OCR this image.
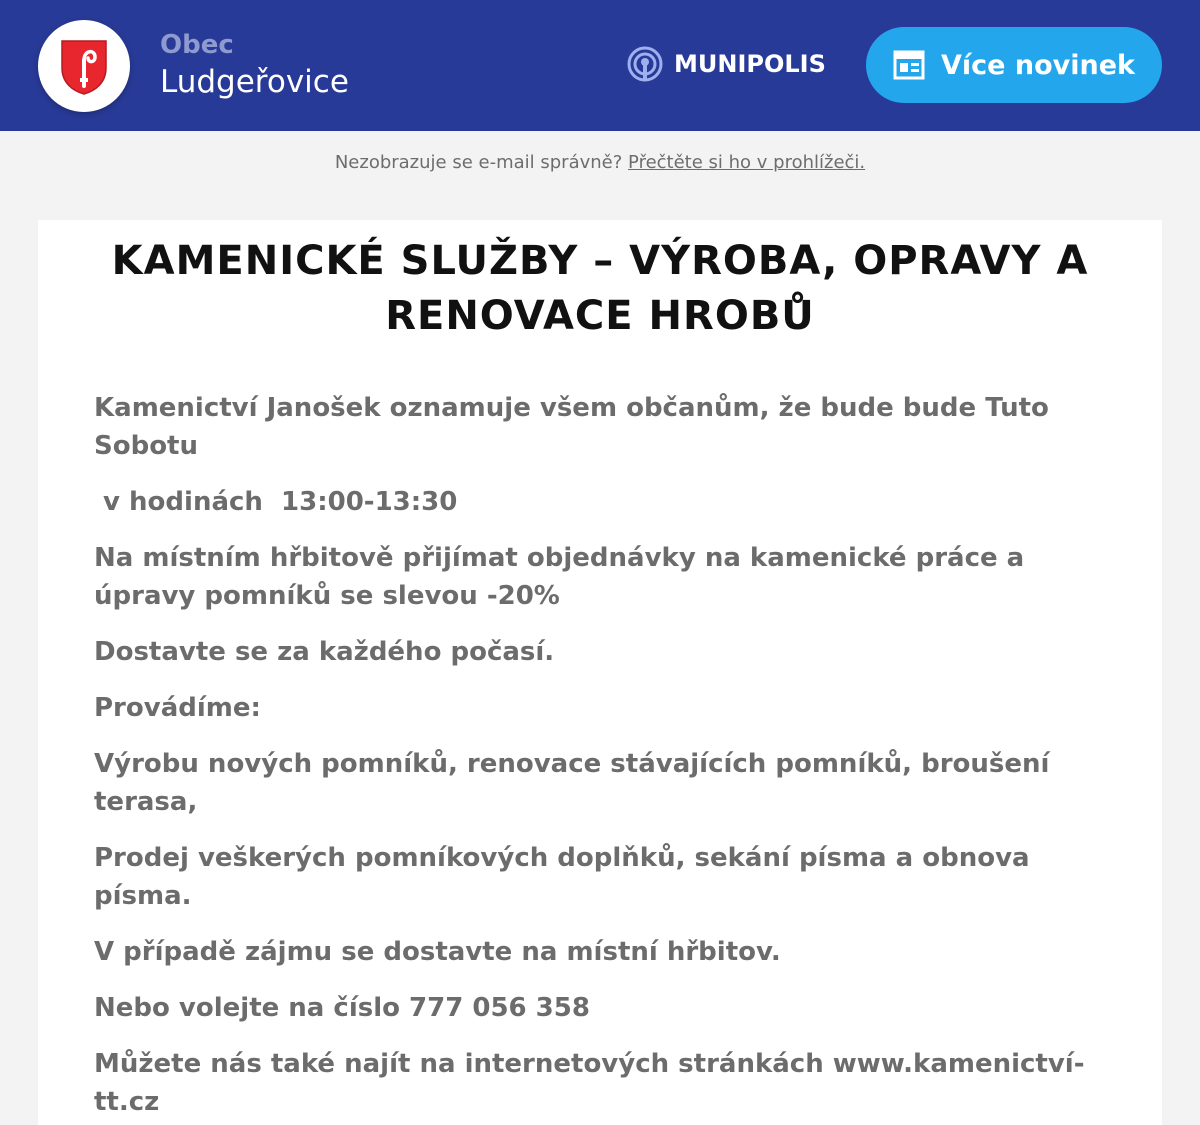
Obec
Ludgeřovice	MUNIPOLIS	Více novinek
Nezobrazuje se e-mail správně? Přečtěte si ho v prohlížeči.
KAMENICKÉ SLUŽBY – VÝROBA, OPRAVY A RENOVACE HROBŮ

Kamenictví Janošek oznamuje všem občanům, že bude bude Tuto Sobotu

v hodinách  13:00-13:30

Na místním hřbitově přijímat objednávky na kamenické práce a úpravy pomníků se slevou -20%

Dostavte se za každého počasí.

Provádíme:

Výrobu nových pomníků, renovace stávajících pomníků, broušení terasa,

Prodej veškerých pomníkových doplňků, sekání písma a obnova písma.

V případě zájmu se dostavte na místní hřbitov.

Nebo volejte na číslo 777 056 358

Můžete nás také najít na internetových stránkách www.kamenictví-tt.cz
